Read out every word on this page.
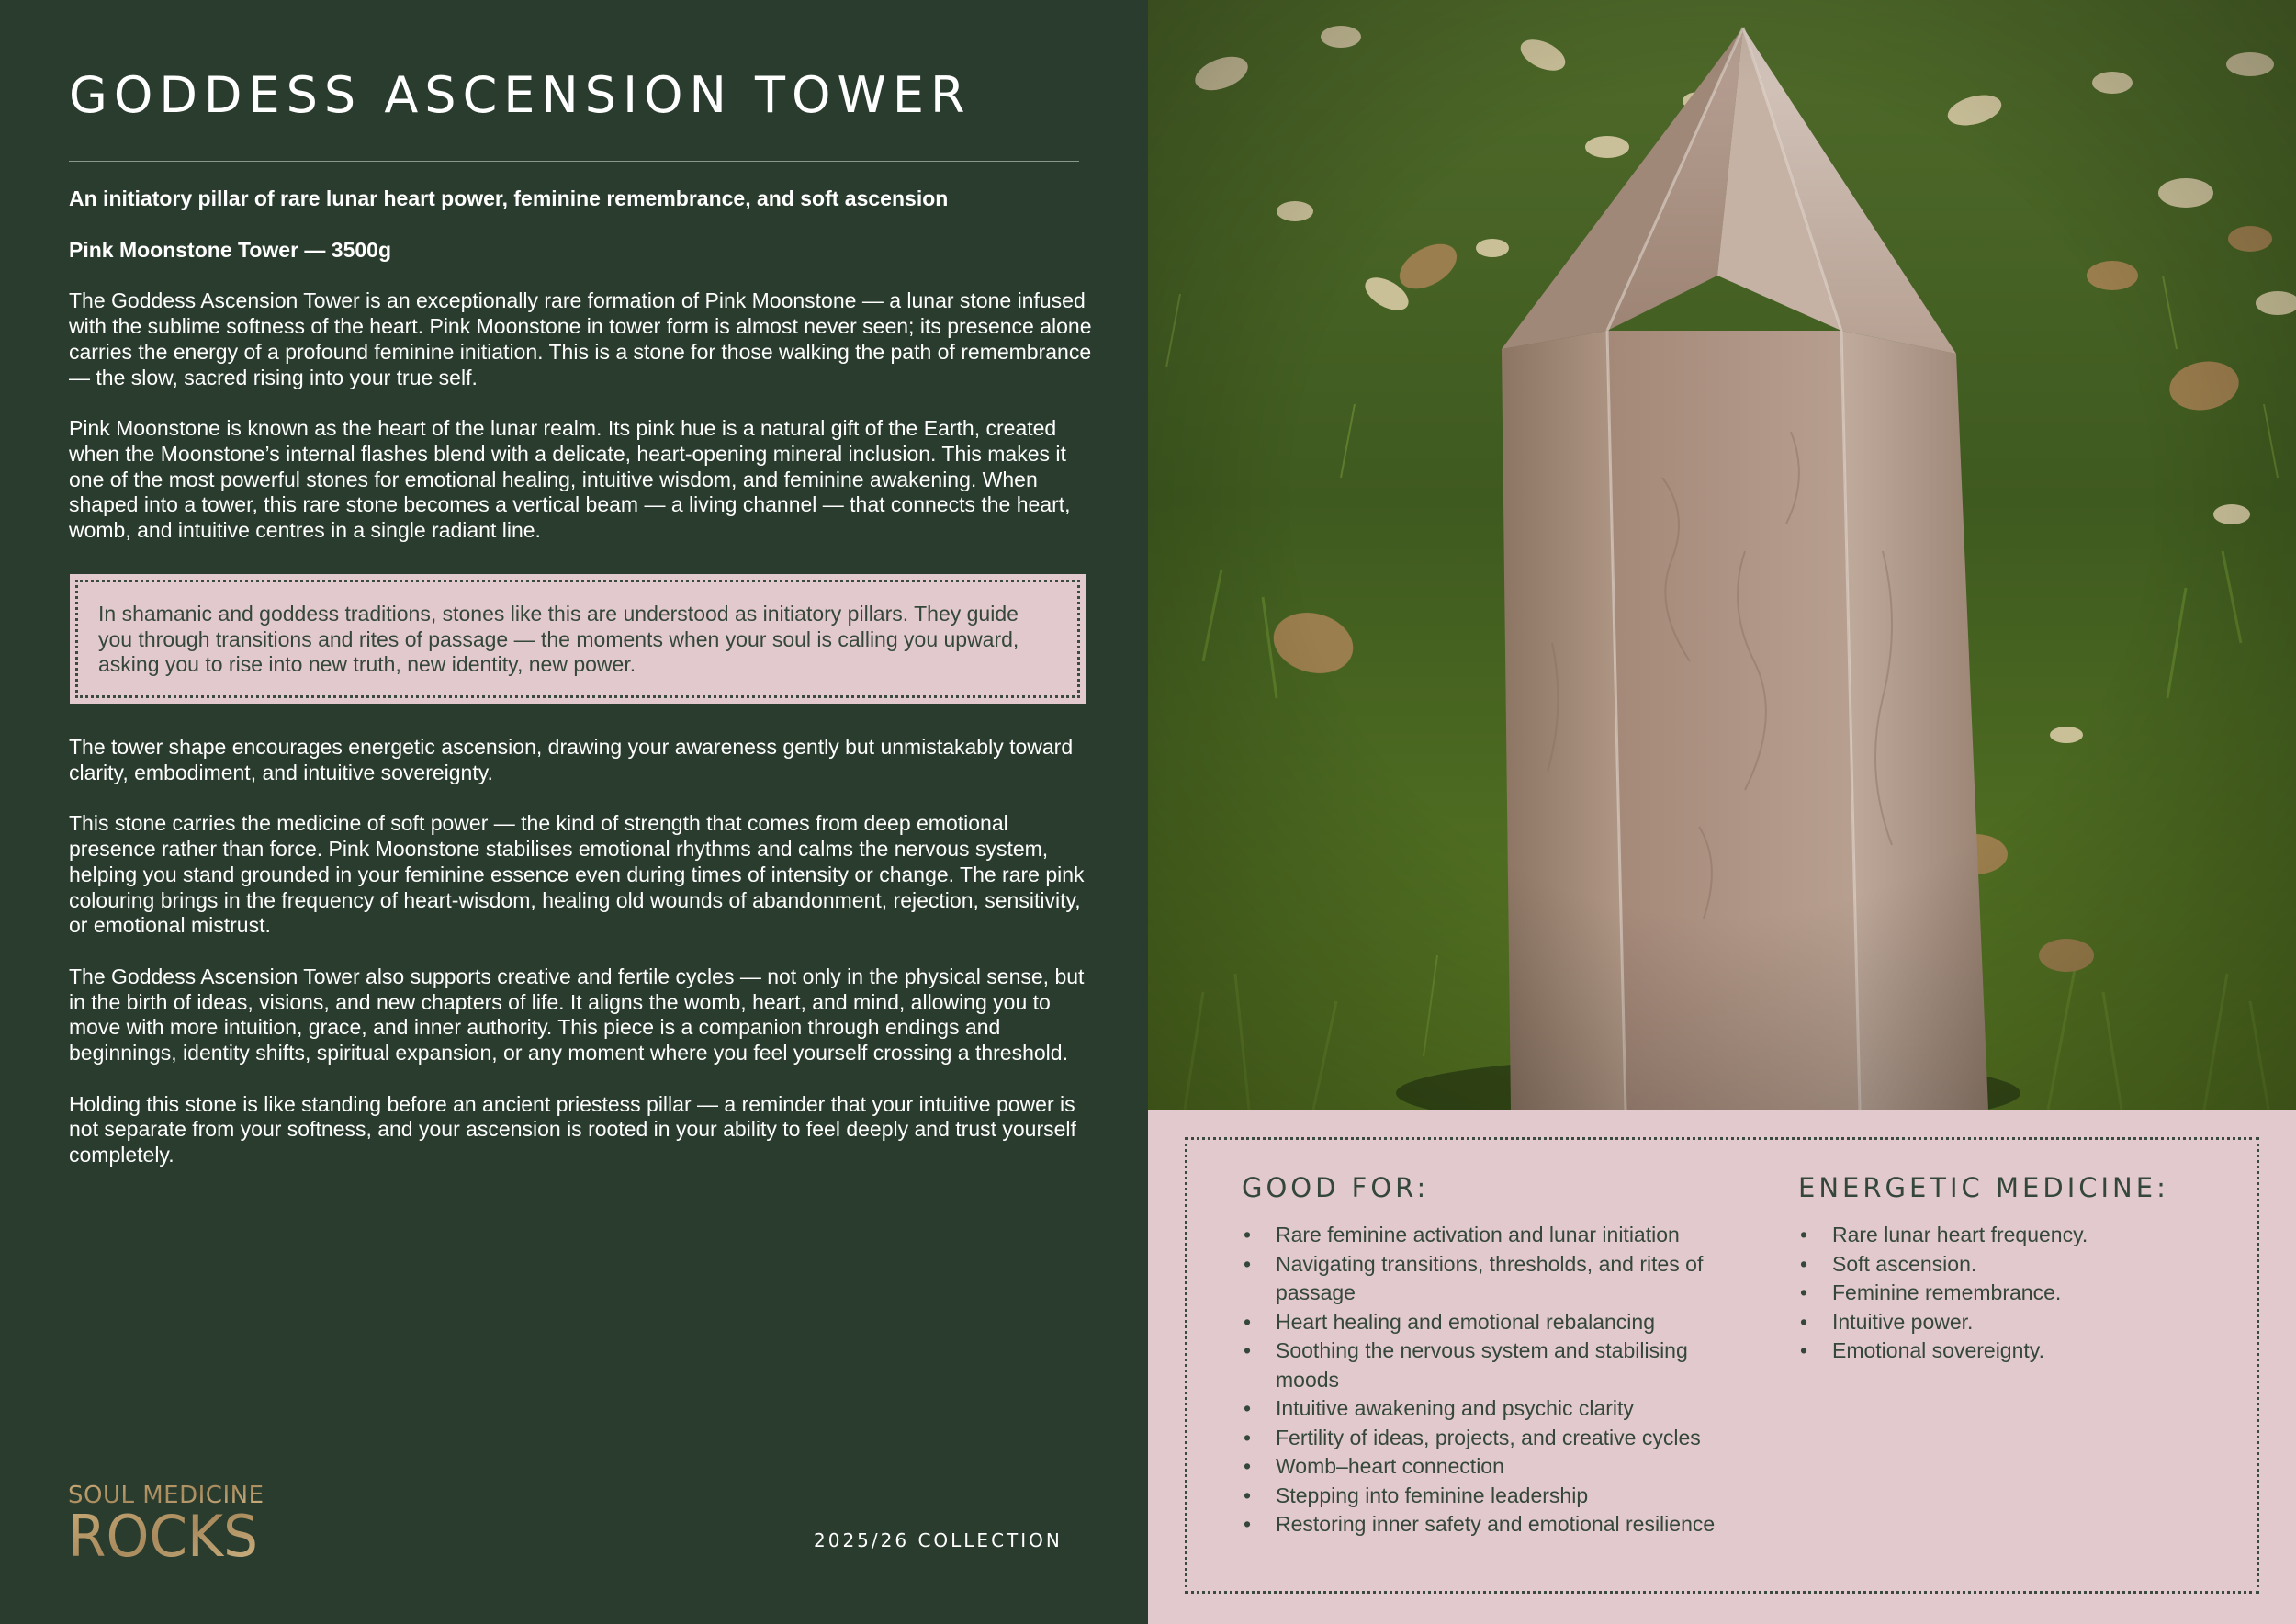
GODDESS ASCENSION TOWER

An initiatory pillar of rare lunar heart power, feminine remembrance, and soft ascension

Pink Moonstone Tower — 3500g

The Goddess Ascension Tower is an exceptionally rare formation of Pink Moonstone — a lunar stone infused with the sublime softness of the heart. Pink Moonstone in tower form is almost never seen; its presence alone carries the energy of a profound feminine initiation. This is a stone for those walking the path of remembrance — the slow, sacred rising into your true self.

Pink Moonstone is known as the heart of the lunar realm. Its pink hue is a natural gift of the Earth, created when the Moonstone’s internal flashes blend with a delicate, heart-opening mineral inclusion. This makes it one of the most powerful stones for emotional healing, intuitive wisdom, and feminine awakening. When shaped into a tower, this rare stone becomes a vertical beam — a living channel — that connects the heart, womb, and intuitive centres in a single radiant line.

In shamanic and goddess traditions, stones like this are understood as initiatory pillars. They guide you through transitions and rites of passage — the moments when your soul is calling you upward, asking you to rise into new truth, new identity, new power.

The tower shape encourages energetic ascension, drawing your awareness gently but unmistakably toward clarity, embodiment, and intuitive sovereignty.

This stone carries the medicine of soft power — the kind of strength that comes from deep emotional presence rather than force. Pink Moonstone stabilises emotional rhythms and calms the nervous system, helping you stand grounded in your feminine essence even during times of intensity or change. The rare pink colouring brings in the frequency of heart-wisdom, healing old wounds of abandonment, rejection, sensitivity, or emotional mistrust.

The Goddess Ascension Tower also supports creative and fertile cycles — not only in the physical sense, but in the birth of ideas, visions, and new chapters of life. It aligns the womb, heart, and mind, allowing you to move with more intuition, grace, and inner authority. This piece is a companion through endings and beginnings, identity shifts, spiritual expansion, or any moment where you feel yourself crossing a threshold.

Holding this stone is like standing before an ancient priestess pillar — a reminder that your intuitive power is not separate from your softness, and your ascension is rooted in your ability to feel deeply and trust yourself completely.

SOUL MEDICINE
ROCKS	2025/26 COLLECTION

GOOD FOR:
• Rare feminine activation and lunar initiation
• Navigating transitions, thresholds, and rites of passage
• Heart healing and emotional rebalancing
• Soothing the nervous system and stabilising moods
• Intuitive awakening and psychic clarity
• Fertility of ideas, projects, and creative cycles
• Womb–heart connection
• Stepping into feminine leadership
• Restoring inner safety and emotional resilience
ENERGETIC MEDICINE:
• Rare lunar heart frequency.
• Soft ascension.
• Feminine remembrance.
• Intuitive power.
• Emotional sovereignty.
